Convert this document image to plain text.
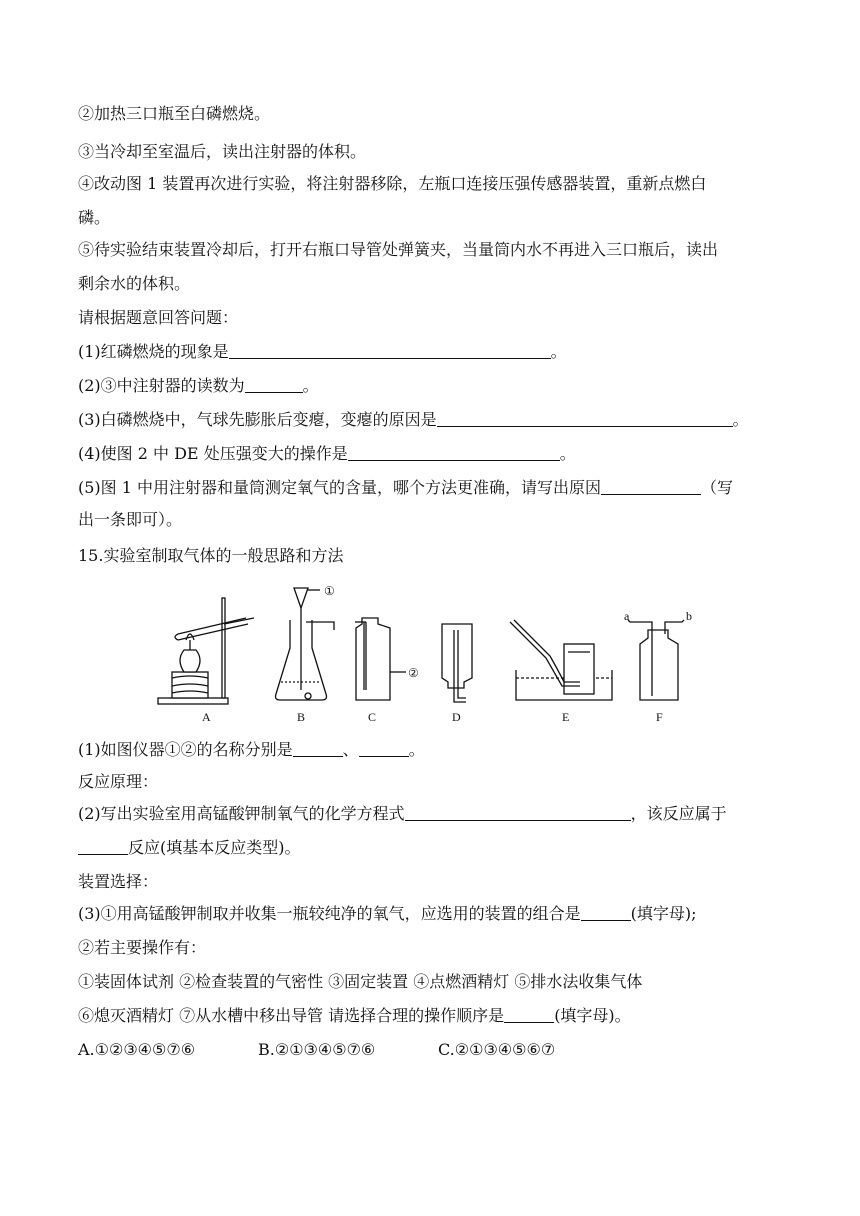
②加热三口瓶至白磷燃烧。
③当冷却至室温后，读出注射器的体积。
④改动图 1 装置再次进行实验，将注射器移除，左瓶口连接压强传感器装置，重新点燃白
磷。
⑤待实验结束装置冷却后，打开右瓶口导管处弹簧夹，当量筒内水不再进入三口瓶后，读出
剩余水的体积。
请根据题意回答问题：
(1)红磷燃烧的现象是	。
(2)③中注射器的读数为	。
(3)白磷燃烧中，气球先膨胀后变瘪，变瘪的原因是	。
(4)使图 2 中 DE 处压强变大的操作是	。
(5)图 1 中用注射器和量筒测定氧气的含量，哪个方法更准确，请写出原因	（写
出一条即可）。
15.实验室制取气体的一般思路和方法
A
①
B
②
C	D	E
a	b
F
(1)如图仪器①②的名称分别是	、	。
反应原理：
(2)写出实验室用高锰酸钾制氧气的化学方程式	，该反应属于
反应(填基本反应类型)。
装置选择：
(3)①用高锰酸钾制取并收集一瓶较纯净的氧气，应选用的装置的组合是	(填字母);
②若主要操作有：
①装固体试剂 ②检查装置的气密性 ③固定装置 ④点燃酒精灯 ⑤排水法收集气体
⑥熄灭酒精灯 ⑦从水槽中移出导管 请选择合理的操作顺序是	(填字母)。
A.①②③④⑤⑦⑥	B.②①③④⑤⑦⑥	C.②①③④⑤⑥⑦
